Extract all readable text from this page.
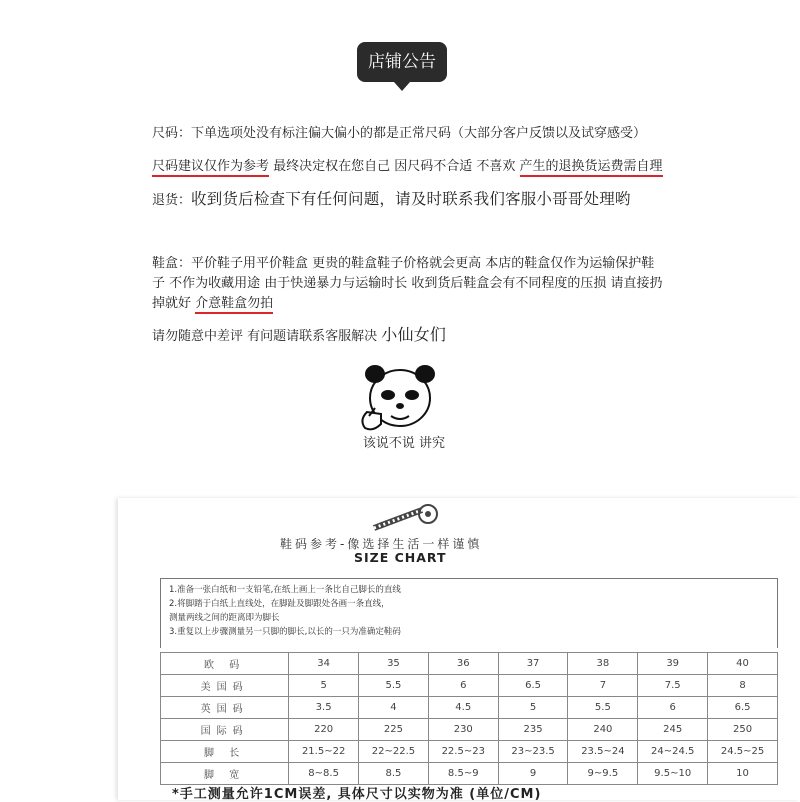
店铺公告
尺码：下单选项处没有标注偏大偏小的都是正常尺码（大部分客户反馈以及试穿感受）
尺码建议仅作为参考 最终决定权在您自己 因尺码不合适 不喜欢 产生的退换货运费需自理
退货：收到货后检查下有任何问题，请及时联系我们客服小哥哥处理哟
鞋盒：平价鞋子用平价鞋盒 更贵的鞋盒鞋子价格就会更高 本店的鞋盒仅作为运输保护鞋
子 不作为收藏用途 由于快递暴力与运输时长 收到货后鞋盒会有不同程度的压损 请直接扔
掉就好 介意鞋盒勿拍
请勿随意中差评 有问题请联系客服解决 小仙女们
该说不说 讲究
鞋码参考-像选择生活一样谨慎
SIZE CHART
1.准备一张白纸和一支铅笔,在纸上画上一条比自己脚长的直线
2.将脚踏于白纸上直线处，在脚趾及脚跟处各画一条直线，
测量两线之间的距离即为脚长
3.重复以上步骤测量另一只脚的脚长,以长的一只为准确定鞋码
欧 码	34	35	36	37	38	39	40
美国码	5	5.5	6	6.5	7	7.5	8
英国码	3.5	4	4.5	5	5.5	6	6.5
国际码	220	225	230	235	240	245	250
脚 长	21.5~22	22~22.5	22.5~23	23~23.5	23.5~24	24~24.5	24.5~25
脚 宽	8~8.5	8.5	8.5~9	9	9~9.5	9.5~10	10
*手工测量允许1CM误差, 具体尺寸以实物为准 (单位/CM)
